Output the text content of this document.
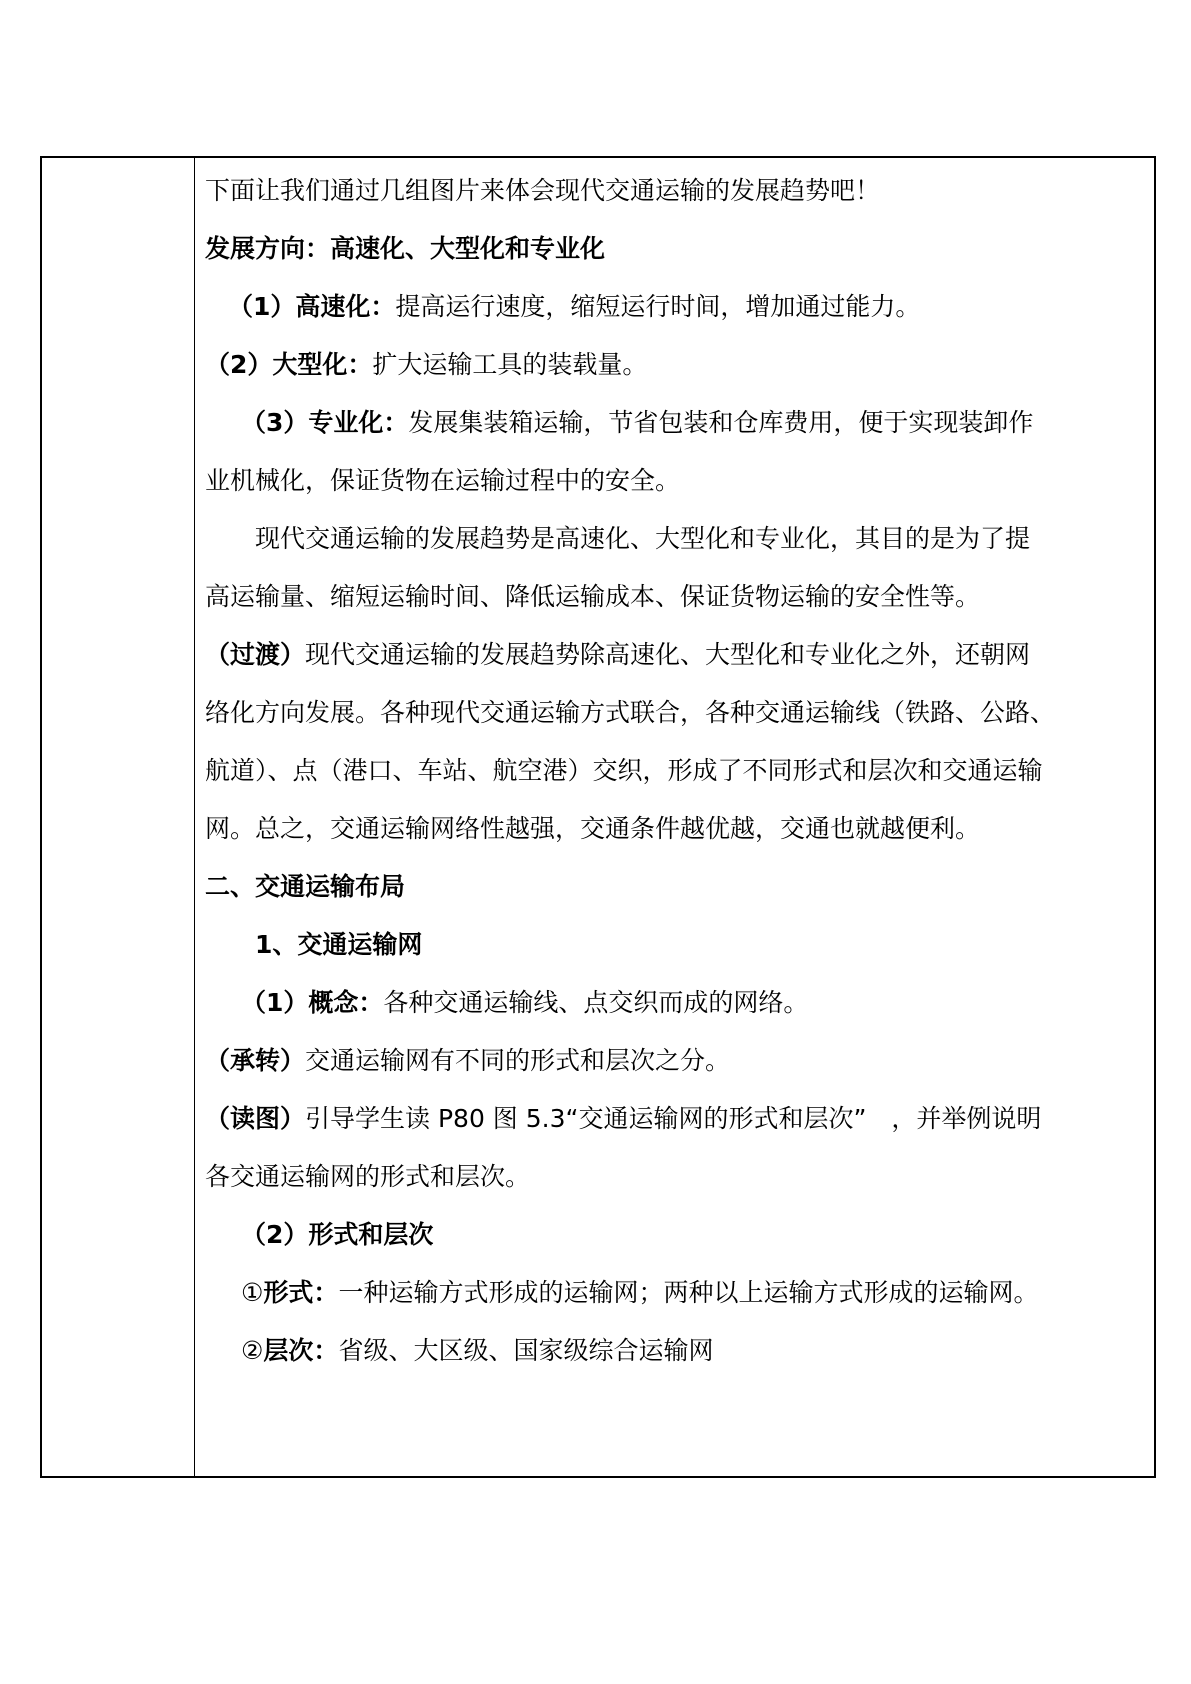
下面让我们通过几组图片来体会现代交通运输的发展趋势吧！
发展方向：高速化、大型化和专业化
（1）高速化：提高运行速度，缩短运行时间，增加通过能力。
（2）大型化：扩大运输工具的装载量。
（3）专业化：发展集装箱运输，节省包装和仓库费用，便于实现装卸作
业机械化，保证货物在运输过程中的安全。
现代交通运输的发展趋势是高速化、大型化和专业化，其目的是为了提
高运输量、缩短运输时间、降低运输成本、保证货物运输的安全性等。
（过渡）现代交通运输的发展趋势除高速化、大型化和专业化之外，还朝网
络化方向发展。各种现代交通运输方式联合，各种交通运输线（铁路、公路、
航道）、点（港口、车站、航空港）交织，形成了不同形式和层次和交通运输
网。总之，交通运输网络性越强，交通条件越优越，交通也就越便利。
二、交通运输布局
1、交通运输网
（1）概念：各种交通运输线、点交织而成的网络。
（承转）交通运输网有不同的形式和层次之分。
（读图）引导学生读 P80 图 5.3“交通运输网的形式和层次”　，并举例说明
各交通运输网的形式和层次。
（2）形式和层次
①形式：一种运输方式形成的运输网；两种以上运输方式形成的运输网。
②层次：省级、大区级、国家级综合运输网
